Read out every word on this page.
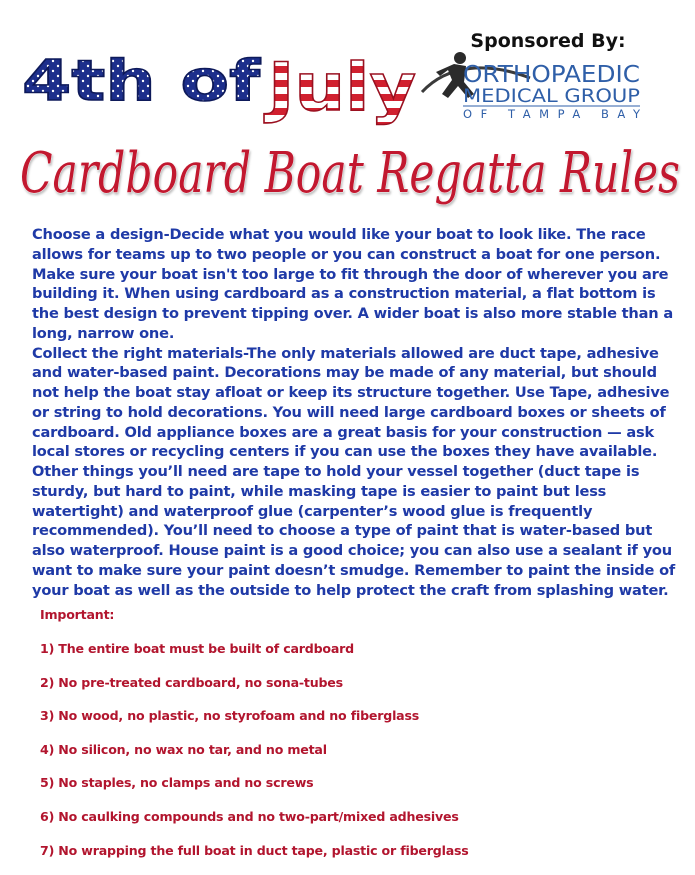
4th of July
4th of July	Sponsored By:
ORTHOPAEDIC
MEDICAL GROUP
OF TAMPA BAY
Cardboard Boat Regatta Rules

Choose a design-Decide what you would like your boat to look like. The race allows for teams up to two people or you can construct a boat for one person. Make sure your boat isn't too large to fit through the door of wherever you are building it. When using cardboard as a construction material, a flat bottom is the best design to prevent tipping over. A wider boat is also more stable than a long, narrow one.

Collect the right materials-The only materials allowed are duct tape, adhesive and water-based paint. Decorations may be made of any material, but should not help the boat stay afloat or keep its structure together. Use Tape, adhesive or string to hold decorations. You will need large cardboard boxes or sheets of cardboard. Old appliance boxes are a great basis for your construction — ask local stores or recycling centers if you can use the boxes they have available. Other things you’ll need are tape to hold your vessel together (duct tape is sturdy, but hard to paint, while masking tape is easier to paint but less watertight) and waterproof glue (carpenter’s wood glue is frequently recommended). You’ll need to choose a type of paint that is water-based but also waterproof. House paint is a good choice; you can also use a sealant if you want to make sure your paint doesn’t smudge. Remember to paint the inside of your boat as well as the outside to help protect the craft from splashing water.

Important:
1) The entire boat must be built of cardboard
2) No pre-treated cardboard, no sona-tubes
3) No wood, no plastic, no styrofoam and no fiberglass
4) No silicon, no wax no tar, and no metal
5) No staples, no clamps and no screws
6) No caulking compounds and no two-part/mixed adhesives
7) No wrapping the full boat in duct tape, plastic or fiberglass
